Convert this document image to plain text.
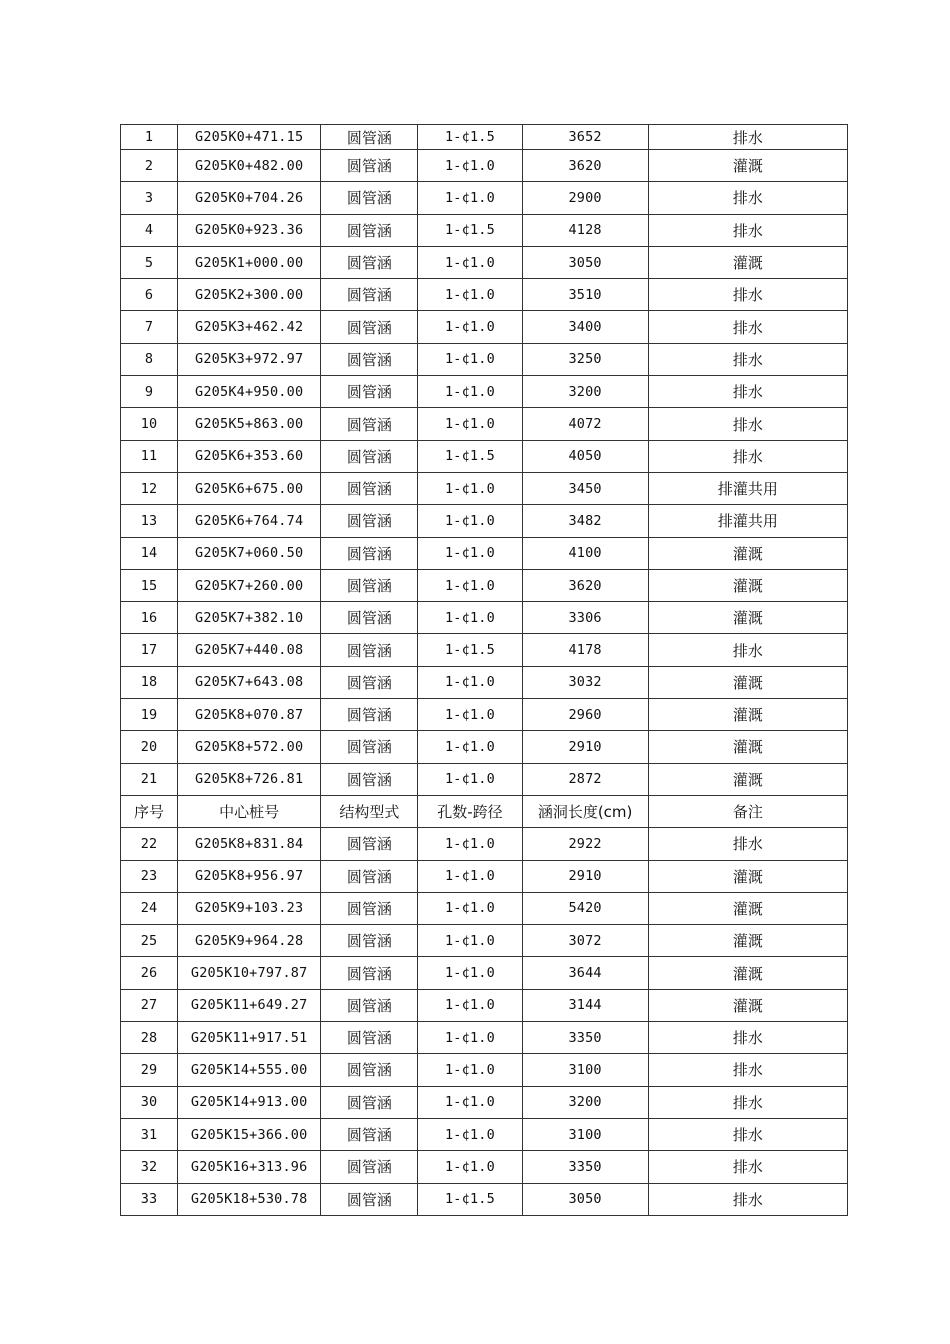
1	G205K0+471.15	圆管涵	1-¢1.5	3652	排水
2	G205K0+482.00	圆管涵	1-¢1.0	3620	灌溉
3	G205K0+704.26	圆管涵	1-¢1.0	2900	排水
4	G205K0+923.36	圆管涵	1-¢1.5	4128	排水
5	G205K1+000.00	圆管涵	1-¢1.0	3050	灌溉
6	G205K2+300.00	圆管涵	1-¢1.0	3510	排水
7	G205K3+462.42	圆管涵	1-¢1.0	3400	排水
8	G205K3+972.97	圆管涵	1-¢1.0	3250	排水
9	G205K4+950.00	圆管涵	1-¢1.0	3200	排水
10	G205K5+863.00	圆管涵	1-¢1.0	4072	排水
11	G205K6+353.60	圆管涵	1-¢1.5	4050	排水
12	G205K6+675.00	圆管涵	1-¢1.0	3450	排灌共用
13	G205K6+764.74	圆管涵	1-¢1.0	3482	排灌共用
14	G205K7+060.50	圆管涵	1-¢1.0	4100	灌溉
15	G205K7+260.00	圆管涵	1-¢1.0	3620	灌溉
16	G205K7+382.10	圆管涵	1-¢1.0	3306	灌溉
17	G205K7+440.08	圆管涵	1-¢1.5	4178	排水
18	G205K7+643.08	圆管涵	1-¢1.0	3032	灌溉
19	G205K8+070.87	圆管涵	1-¢1.0	2960	灌溉
20	G205K8+572.00	圆管涵	1-¢1.0	2910	灌溉
21	G205K8+726.81	圆管涵	1-¢1.0	2872	灌溉
序号	中心桩号	结构型式	孔数-跨径	涵洞长度(cm)	备注
22	G205K8+831.84	圆管涵	1-¢1.0	2922	排水
23	G205K8+956.97	圆管涵	1-¢1.0	2910	灌溉
24	G205K9+103.23	圆管涵	1-¢1.0	5420	灌溉
25	G205K9+964.28	圆管涵	1-¢1.0	3072	灌溉
26	G205K10+797.87	圆管涵	1-¢1.0	3644	灌溉
27	G205K11+649.27	圆管涵	1-¢1.0	3144	灌溉
28	G205K11+917.51	圆管涵	1-¢1.0	3350	排水
29	G205K14+555.00	圆管涵	1-¢1.0	3100	排水
30	G205K14+913.00	圆管涵	1-¢1.0	3200	排水
31	G205K15+366.00	圆管涵	1-¢1.0	3100	排水
32	G205K16+313.96	圆管涵	1-¢1.0	3350	排水
33	G205K18+530.78	圆管涵	1-¢1.5	3050	排水
